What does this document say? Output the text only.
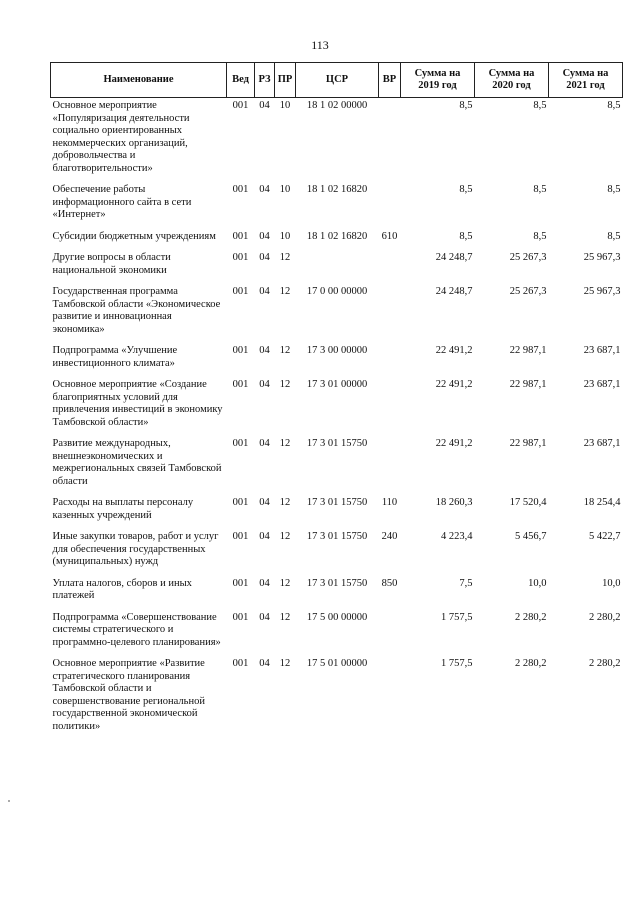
113
Наименование	Вед	РЗ	ПР	ЦСР	ВР	Сумма на 2019 год	Сумма на 2020 год	Сумма на 2021 год
Основное мероприятие «Популяризация деятельности социально ориентированных некоммерческих организаций, добровольчества и благотворительности»	001	04	10	18 1 02 00000		8,5	8,5	8,5
Обеспечение работы информационного сайта в сети «Интернет»	001	04	10	18 1 02 16820		8,5	8,5	8,5
Субсидии бюджетным учреждениям	001	04	10	18 1 02 16820	610	8,5	8,5	8,5
Другие вопросы в области национальной экономики	001	04	12			24 248,7	25 267,3	25 967,3
Государственная программа Тамбовской области «Экономическое развитие и инновационная экономика»	001	04	12	17 0 00 00000		24 248,7	25 267,3	25 967,3
Подпрограмма «Улучшение инвестиционного климата»	001	04	12	17 3 00 00000		22 491,2	22 987,1	23 687,1
Основное мероприятие «Создание благоприятных условий для привлечения инвестиций в экономику Тамбовской области»	001	04	12	17 3 01 00000		22 491,2	22 987,1	23 687,1
Развитие международных, внешнеэкономических и межрегиональных связей Тамбовской области	001	04	12	17 3 01 15750		22 491,2	22 987,1	23 687,1
Расходы на выплаты персоналу казенных учреждений	001	04	12	17 3 01 15750	110	18 260,3	17 520,4	18 254,4
Иные закупки товаров, работ и услуг для обеспечения государственных (муниципальных) нужд	001	04	12	17 3 01 15750	240	4 223,4	5 456,7	5 422,7
Уплата налогов, сборов и иных платежей	001	04	12	17 3 01 15750	850	7,5	10,0	10,0
Подпрограмма «Совершенствование системы стратегического и программно-целевого планирования»	001	04	12	17 5 00 00000		1 757,5	2 280,2	2 280,2
Основное мероприятие «Развитие стратегического планирования Тамбовской области и совершенствование региональной государственной экономической политики»	001	04	12	17 5 01 00000		1 757,5	2 280,2	2 280,2
